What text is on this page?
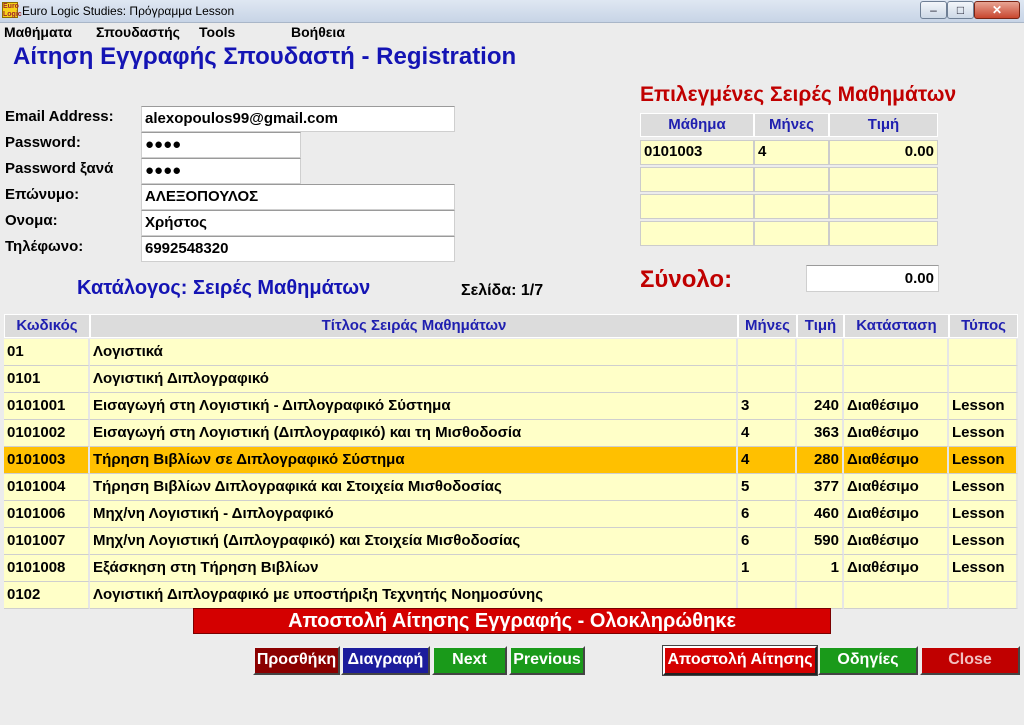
Euro Logic Euro Logic Studies: Πρόγραμμα Lesson	–	□	✕
Μαθήματα Σπουδαστής Tools	Βοήθεια
Αίτηση Εγγραφής Σπουδαστή - Registration
Email Address: alexopoulos99@gmail.com
Password:	●●●●
Password ξανά ●●●●
Επώνυμο:	ΑΛΕΞΟΠΟΥΛΟΣ
Ονομα:	Χρήστος
Τηλέφωνο:	6992548320
Επιλεγμένες Σειρές Μαθημάτων
Μάθημα	Μήνες	Τιμή
0101003	4	0.00
Σύνολο:	0.00
Κατάλογος: Σειρές Μαθημάτων	Σελίδα: 1/7
Κωδικός	Τίτλος Σειράς Μαθημάτων	Μήνες Τιμή	Κατάσταση	Τύπος
01	Λογιστικά
0101	Λογιστική Διπλογραφικό
0101001	Εισαγωγή στη Λογιστική - Διπλογραφικό Σύστημα	3	240 Διαθέσιμο	Lesson
0101002	Εισαγωγή στη Λογιστική (Διπλογραφικό) και τη Μισθοδοσία	4	363 Διαθέσιμο	Lesson
0101003	Τήρηση Βιβλίων σε Διπλογραφικό Σύστημα	4	280 Διαθέσιμο	Lesson
0101004	Τήρηση Βιβλίων Διπλογραφικά και Στοιχεία Μισθοδοσίας	5	377 Διαθέσιμο	Lesson
0101006	Μηχ/νη Λογιστική - Διπλογραφικό	6	460 Διαθέσιμο	Lesson
0101007	Μηχ/νη Λογιστική (Διπλογραφικό) και Στοιχεία Μισθοδοσίας	6	590 Διαθέσιμο	Lesson
0101008	Εξάσκηση στη Τήρηση Βιβλίων	1	1 Διαθέσιμο	Lesson
0102	Λογιστική Διπλογραφικό με υποστήριξη Τεχνητής Νοημοσύνης
Αποστολή Αίτησης Εγγραφής - Ολοκληρώθηκε
Προσθήκη Διαγραφή	Next	Previous	Αποστολή Αίτησης	Οδηγίες	Close
